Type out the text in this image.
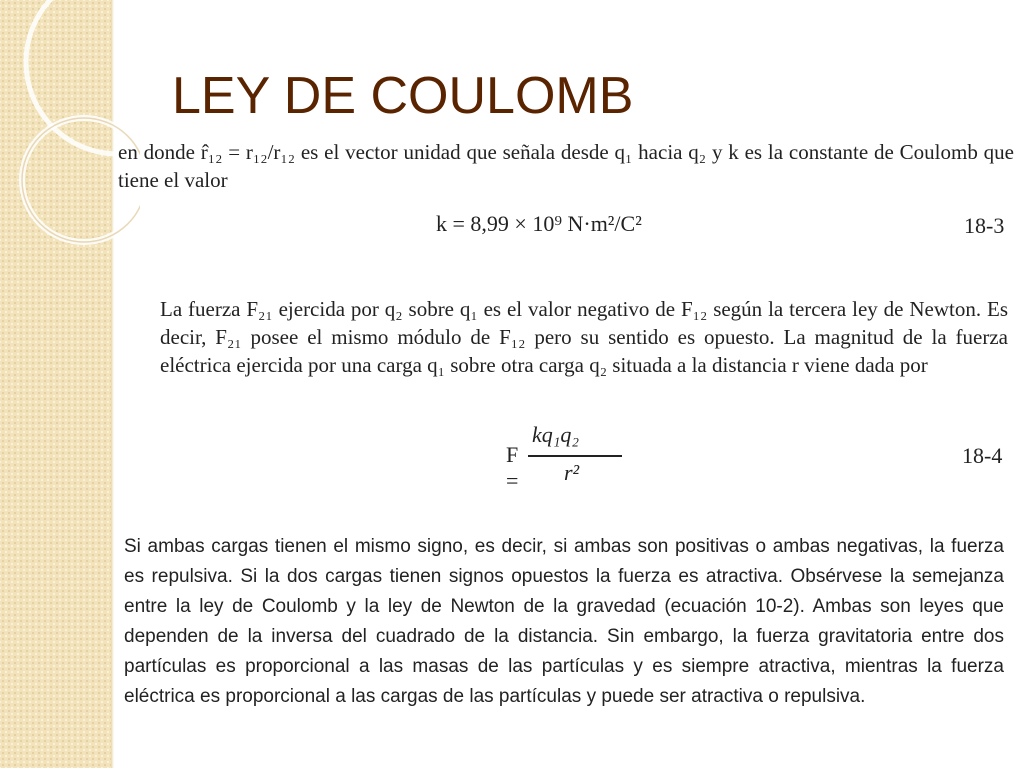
LEY DE COULOMB

en donde r̂₁₂ = r₁₂/r₁₂ es el vector unidad que señala desde q₁ hacia q₂ y k es la constante de Coulomb que tiene el valor

k = 8,99 × 10⁹ N·m²/C²	18-3

La fuerza F₂₁ ejercida por q₂ sobre q₁ es el valor negativo de F₁₂ según la tercera ley de Newton. Es decir, F₂₁ posee el mismo módulo de F₁₂ pero su sentido es opuesto. La magnitud de la fuerza eléctrica ejercida por una carga q₁ sobre otra carga q₂ situada a la distancia r viene dada por

F =
kq₁q₂
r²
18-4

Si ambas cargas tienen el mismo signo, es decir, si ambas son positivas o ambas negativas, la fuerza es repulsiva. Si la dos cargas tienen signos opuestos la fuerza es atractiva. Obsérvese la semejanza entre la ley de Coulomb y la ley de Newton de la gravedad (ecuación 10-2). Ambas son leyes que dependen de la inversa del cuadrado de la distancia. Sin embargo, la fuerza gravitatoria entre dos partículas es proporcional a las masas de las partículas y es siempre atractiva, mientras la fuerza eléctrica es proporcional a las cargas de las partículas y puede ser atractiva o repulsiva.
